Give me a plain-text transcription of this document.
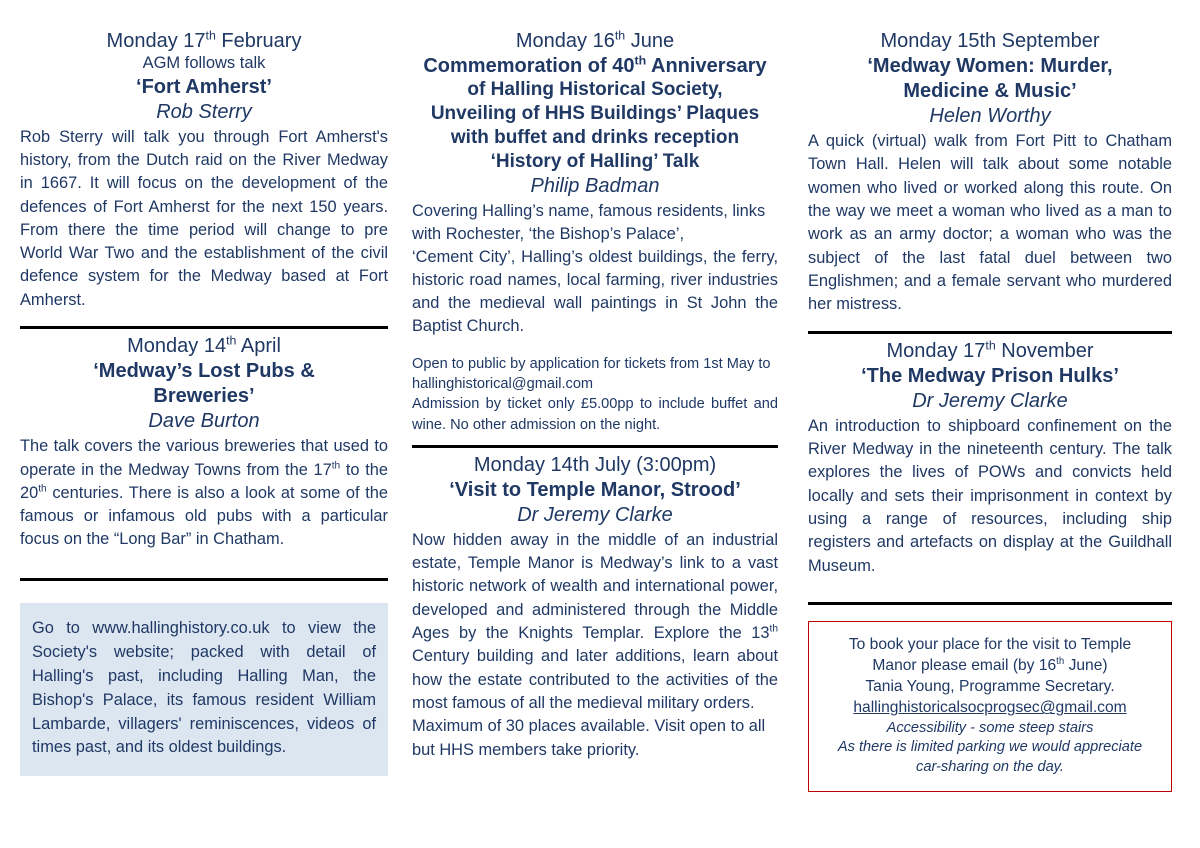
Monday 17th February
AGM follows talk
‘Fort Amherst’
Rob Sterry

Rob Sterry will talk you through Fort Amherst's history, from the Dutch raid on the River Medway in 1667. It will focus on the development of the defences of Fort Amherst for the next 150 years. From there the time period will change to pre World War Two and the establishment of the civil defence system for the Medway based at Fort Amherst.

Monday 14th April
‘Medway’s Lost Pubs &
Breweries’
Dave Burton

The talk covers the various breweries that used to operate in the Medway Towns from the 17th to the 20th centuries. There is also a look at some of the famous or infamous old pubs with a particular focus on the “Long Bar” in Chatham.

Go to www.hallinghistory.co.uk to view the Society's website; packed with detail of Halling's past, including Halling Man, the Bishop's Palace, its famous resident William Lambarde, villagers' reminiscences, videos of times past, and its oldest buildings.

Monday 16th June
Commemoration of 40th Anniversary
of Halling Historical Society,
Unveiling of HHS Buildings’ Plaques
with buffet and drinks reception
‘History of Halling’ Talk
Philip Badman

Covering Halling’s name, famous residents, links with Rochester, ‘the Bishop’s Palace’,

‘Cement City’, Halling’s oldest buildings, the ferry, historic road names, local farming, river industries and the medieval wall paintings in St John the Baptist Church.

Open to public by application for tickets from 1st May to hallinghistorical@gmail.com

Admission by ticket only £5.00pp to include buffet and wine. No other admission on the night.

Monday 14th July (3:00pm)
‘Visit to Temple Manor, Strood’
Dr Jeremy Clarke

Now hidden away in the middle of an industrial estate, Temple Manor is Medway’s link to a vast historic network of wealth and international power, developed and administered through the Middle Ages by the Knights Templar. Explore the 13th Century building and later additions, learn about how the estate contributed to the activities of the most famous of all the medieval military orders.

Maximum of 30 places available. Visit open to all but HHS members take priority.

Monday 15th September
‘Medway Women: Murder,
Medicine & Music’
Helen Worthy

A quick (virtual) walk from Fort Pitt to Chatham Town Hall. Helen will talk about some notable women who lived or worked along this route. On the way we meet a woman who lived as a man to work as an army doctor; a woman who was the subject of the last fatal duel between two Englishmen; and a female servant who murdered her mistress.

Monday 17th November
‘The Medway Prison Hulks’
Dr Jeremy Clarke

An introduction to shipboard confinement on the River Medway in the nineteenth century. The talk explores the lives of POWs and convicts held locally and sets their imprisonment in context by using a range of resources, including ship registers and artefacts on display at the Guildhall Museum.

To book your place for the visit to Temple

Manor please email (by 16th June)

Tania Young, Programme Secretary.

hallinghistoricalsocprogsec@gmail.com

Accessibility - some steep stairs

As there is limited parking we would appreciate

car-sharing on the day.
